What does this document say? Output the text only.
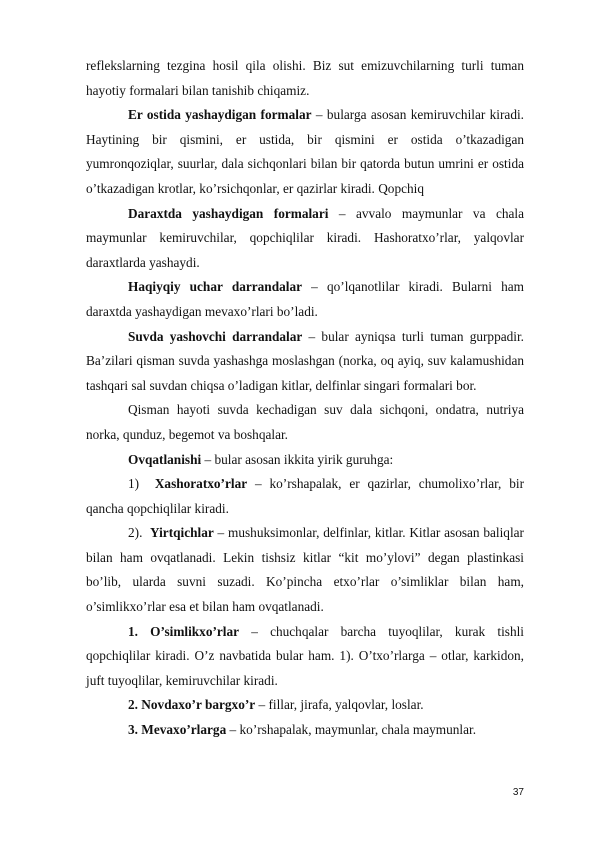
reflekslarning tezgina hosil qila olishi. Biz sut emizuvchilarning turli tuman hayotiy formalari bilan tanishib chiqamiz.

Er ostida yashaydigan formalar – bularga asosan kemiruvchilar kiradi. Haytining bir qismini, er ustida, bir qismini er ostida o’tkazadigan yumronqoziqlar, suurlar, dala sichqonlari bilan bir qatorda butun umrini er ostida o’tkazadigan krotlar, ko’rsichqonlar, er qazirlar kiradi. Qopchiq

Daraxtda yashaydigan formalari – avvalo maymunlar va chala maymunlar kemiruvchilar, qopchiqlilar kiradi. Hashoratxo’rlar, yalqovlar daraxtlarda yashaydi.

Haqiyqiy uchar darrandalar – qo’lqanotlilar kiradi. Bularni ham daraxtda yashaydigan mevaxo’rlari bo’ladi.

Suvda yashovchi darrandalar – bular ayniqsa turli tuman gurppadir. Ba’zilari qisman suvda yashashga moslashgan (norka, oq ayiq, suv kalamushidan tashqari sal suvdan chiqsa o’ladigan kitlar, delfinlar singari formalari bor.

Qisman hayoti suvda kechadigan suv dala sichqoni, ondatra, nutriya norka, qunduz, begemot va boshqalar.

Ovqatlanishi – bular asosan ikkita yirik guruhga:

1) Xashoratxo’rlar – ko’rshapalak, er qazirlar, chumolixo’rlar, bir qancha qopchiqlilar kiradi.

2). Yirtqichlar – mushuksimonlar, delfinlar, kitlar. Kitlar asosan baliqlar bilan ham ovqatlanadi. Lekin tishsiz kitlar “kit mo’ylovi” degan plastinkasi bo’lib, ularda suvni suzadi. Ko’pincha etxo’rlar o’simliklar bilan ham, o’simlikxo’rlar esa et bilan ham ovqatlanadi.

1. O’simlikxo’rlar – chuchqalar barcha tuyoqlilar, kurak tishli qopchiqlilar kiradi. O’z navbatida bular ham. 1). O’txo’rlarga – otlar, karkidon, juft tuyoqlilar, kemiruvchilar kiradi.

2. Novdaxo’r bargxo’r – fillar, jirafa, yalqovlar, loslar.

3. Mevaxo’rlarga – ko’rshapalak, maymunlar, chala maymunlar.

37
